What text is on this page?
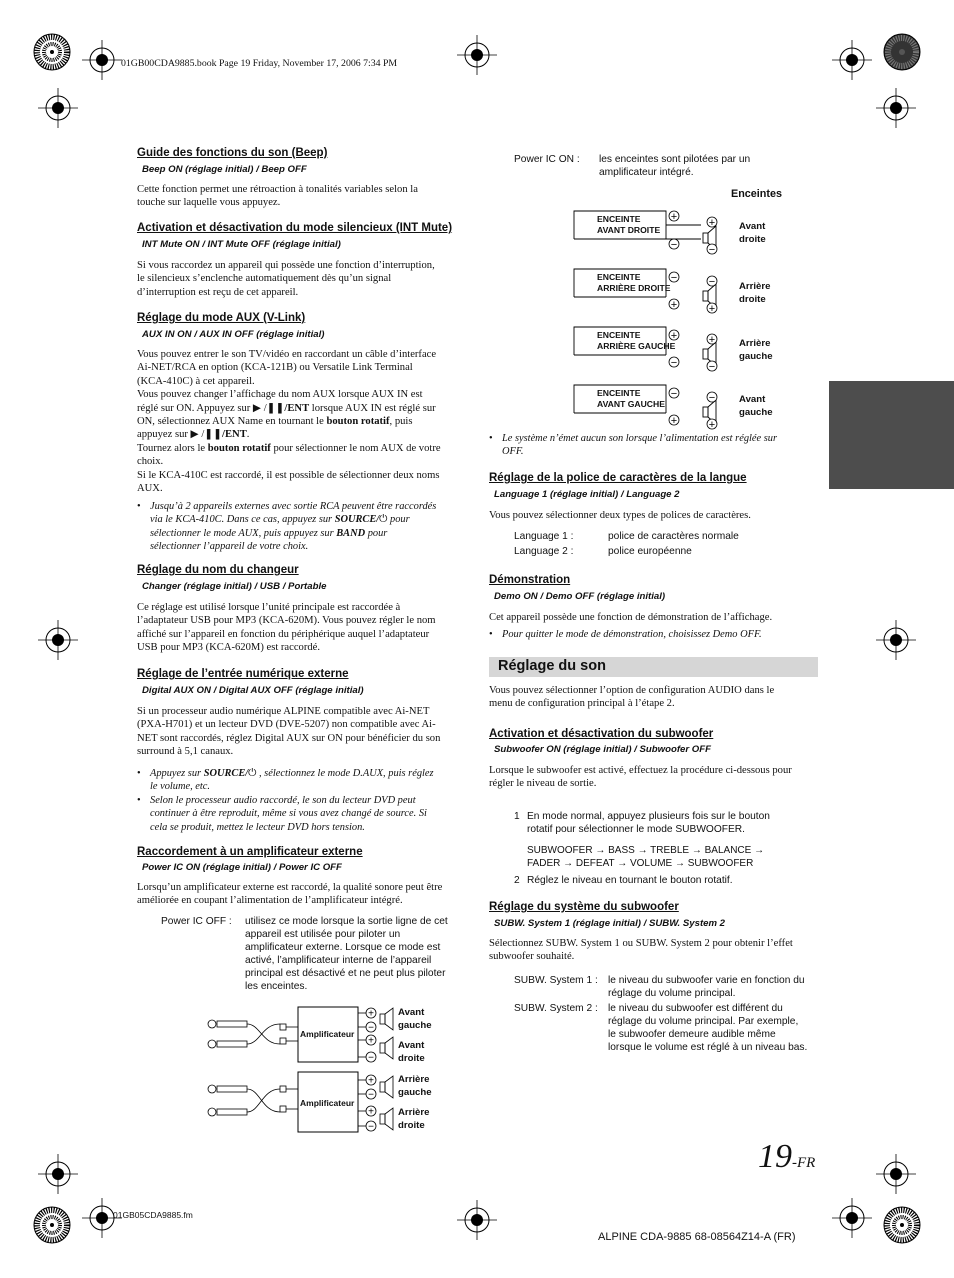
01GB00CDA9885.book Page 19 Friday, November 17, 2006 7:34 PM
Guide des fonctions du son (Beep)
Beep ON (réglage initial) / Beep OFF
Cette fonction permet une rétroaction à tonalités variables selon la
touche sur laquelle vous appuyez.
Activation et désactivation du mode silencieux (INT Mute)
INT Mute ON / INT Mute OFF (réglage initial)
Si vous raccordez un appareil qui possède une fonction d’interruption,
le silencieux s’enclenche automatiquement dès qu’un signal
d’interruption est reçu de cet appareil.
Réglage du mode AUX (V-Link)
AUX IN ON / AUX IN OFF (réglage initial)
Vous pouvez entrer le son TV/vidéo en raccordant un câble d’interface
Ai-NET/RCA en option (KCA-121B) ou Versatile Link Terminal
(KCA-410C) à cet appareil.
Vous pouvez changer l’affichage du nom AUX lorsque AUX IN est
réglé sur ON. Appuyez sur ▶ /❚❚/ENT lorsque AUX IN est réglé sur
ON, sélectionnez AUX Name en tournant le bouton rotatif, puis
appuyez sur ▶ /❚❚/ENT.
Tournez alors le bouton rotatif pour sélectionner le nom AUX de votre
choix.
Si le KCA-410C est raccordé, il est possible de sélectionner deux noms
AUX.
• Jusqu’à 2 appareils externes avec sortie RCA peuvent être raccordés
via le KCA-410C. Dans ce cas, appuyez sur SOURCE/⏻ pour
sélectionner le mode AUX, puis appuyez sur BAND pour
sélectionner l’appareil de votre choix.
Réglage du nom du changeur
Changer (réglage initial) / USB / Portable
Ce réglage est utilisé lorsque l’unité principale est raccordée à
l’adaptateur USB pour MP3 (KCA-620M). Vous pouvez régler le nom
affiché sur l’appareil en fonction du périphérique auquel l’adaptateur
USB pour MP3 (KCA-620M) est raccordé.
Réglage de l’entrée numérique externe
Digital AUX ON / Digital AUX OFF (réglage initial)
Si un processeur audio numérique ALPINE compatible avec Ai-NET
(PXA-H701) et un lecteur DVD (DVE-5207) non compatible avec Ai-
NET sont raccordés, réglez Digital AUX sur ON pour bénéficier du son
surround à 5,1 canaux.
• Appuyez sur SOURCE/⏻ , sélectionnez le mode D.AUX, puis réglez
le volume, etc.
• Selon le processeur audio raccordé, le son du lecteur DVD peut
continuer à être reproduit, même si vous avez changé de source. Si
cela se produit, mettez le lecteur DVD hors tension.
Raccordement à un amplificateur externe
Power IC ON (réglage initial) / Power IC OFF
Lorsqu’un amplificateur externe est raccordé, la qualité sonore peut être
améliorée en coupant l’alimentation de l’amplificateur intégré.
Power IC OFF : utilisez ce mode lorsque la sortie ligne de cet
appareil est utilisée pour piloter un
amplificateur externe. Lorsque ce mode est
activé, l’amplificateur interne de l’appareil
principal est désactivé et ne peut plus piloter
les enceintes.
+
−
+
−
+
−
+
−
Amplificateur
Amplificateur
Avant
gauche
Avant
droite
Arrière
gauche
Arrière
droite
Power IC ON : les enceintes sont pilotées par un
amplificateur intégré.
Enceintes
+
−
+
−
−
+
−
+
+
−
+
−
−
+
−
+
ENCEINTE
AVANT DROITE
ENCEINTE
ARRIÈRE DROITE
ENCEINTE
ARRIÈRE GAUCHE
ENCEINTE
AVANT GAUCHE
Avant
droite
Arrière
droite
Arrière
gauche
Avant
gauche
• Le système n’émet aucun son lorsque l’alimentation est réglée sur
OFF.
Réglage de la police de caractères de la langue
Language 1 (réglage initial) / Language 2
Vous pouvez sélectionner deux types de polices de caractères.
Language 1 :	police de caractères normale
Language 2 :	police européenne
Démonstration
Demo ON / Demo OFF (réglage initial)
Cet appareil possède une fonction de démonstration de l’affichage.
• Pour quitter le mode de démonstration, choisissez Demo OFF.
Réglage du son
Vous pouvez sélectionner l’option de configuration AUDIO dans le
menu de configuration principal à l’étape 2.
Activation et désactivation du subwoofer
Subwoofer ON (réglage initial) / Subwoofer OFF
Lorsque le subwoofer est activé, effectuez la procédure ci-dessous pour
régler le niveau de sortie.
1 En mode normal, appuyez plusieurs fois sur le bouton
rotatif pour sélectionner le mode SUBWOOFER.
SUBWOOFER → BASS → TREBLE → BALANCE →
FADER → DEFEAT → VOLUME → SUBWOOFER
2 Réglez le niveau en tournant le bouton rotatif.
Réglage du système du subwoofer
SUBW. System 1 (réglage initial) / SUBW. System 2
Sélectionnez SUBW. System 1 ou SUBW. System 2 pour obtenir l’effet
subwoofer souhaité.
SUBW. System 1 : le niveau du subwoofer varie en fonction du
réglage du volume principal.
SUBW. System 2 : le niveau du subwoofer est différent du
réglage du volume principal. Par exemple,
le subwoofer demeure audible même
lorsque le volume est réglé à un niveau bas.
19-FR
01GB05CDA9885.fm
ALPINE CDA-9885 68-08564Z14-A (FR)
